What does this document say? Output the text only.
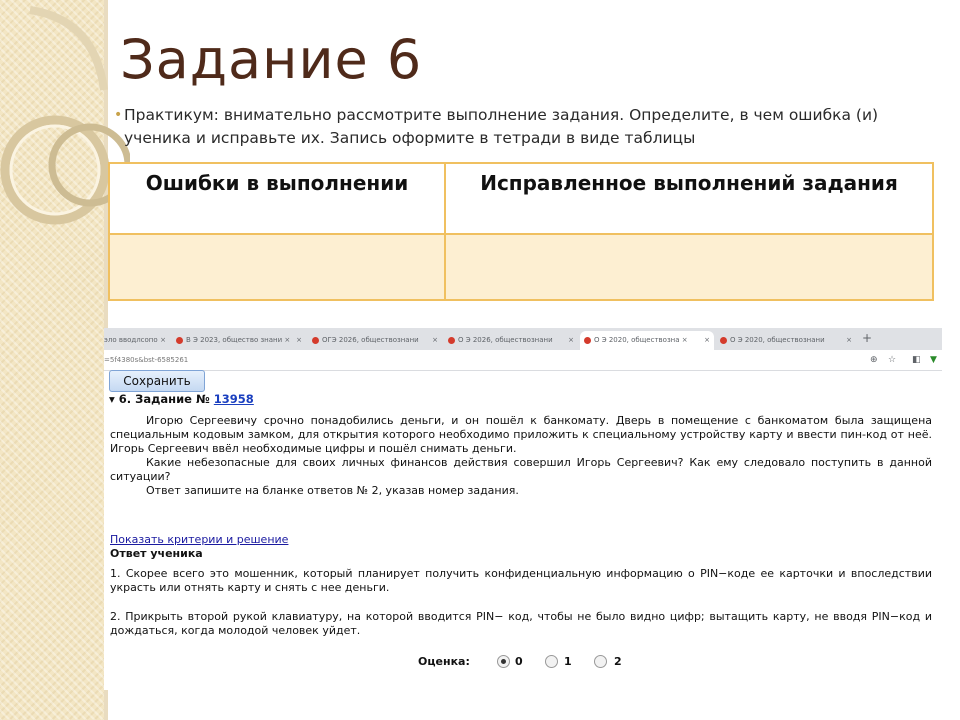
Задание 6
• Практикум: внимательно рассмотрите выполнение задания. Определите, в чем ошибка (и) ученика и исправьте их. Запись оформите в тетради в виде таблицы
Ошибки в выполнении	Исправленное выполнений задания

эло вводлсопо ×	В Э 2023, общество знани × ×	ОГЭ 2026, обществознани ×	О Э 2026, обществознани ×	О Э 2020, обществозна × ×	О Э 2020, обществознани	× +
=5f4380s&bst-6585261	⊕ ☆ ◧ ▼
Сохранить
▾ 6. Задание № 13958
Игорю Сергеевичу срочно понадобились деньги, и он пошёл к банкомату. Дверь в помещение с банкоматом была защищена специальным кодовым замком, для открытия которого необходимо приложить к специальному устройству карту и ввести пин-код от неё. Игорь Сергеевич ввёл необходимые цифры и пошёл снимать деньги.
Какие небезопасные для своих личных финансов действия совершил Игорь Сергеевич? Как ему следовало поступить в данной ситуации?
Ответ запишите на бланке ответов № 2, указав номер задания.
Показать критерии и решение
Ответ ученика
1. Скорее всего это мошенник, который планирует получить конфиденциальную информацию о PIN−коде ее карточки и впоследствии украсть или отнять карту и снять с нее деньги.
2. Прикрыть второй рукой клавиатуру, на которой вводится PIN− код, чтобы не было видно цифр; вытащить карту, не вводя PIN−код и дождаться, когда молодой человек уйдет.
Оценка:	0	1	2
